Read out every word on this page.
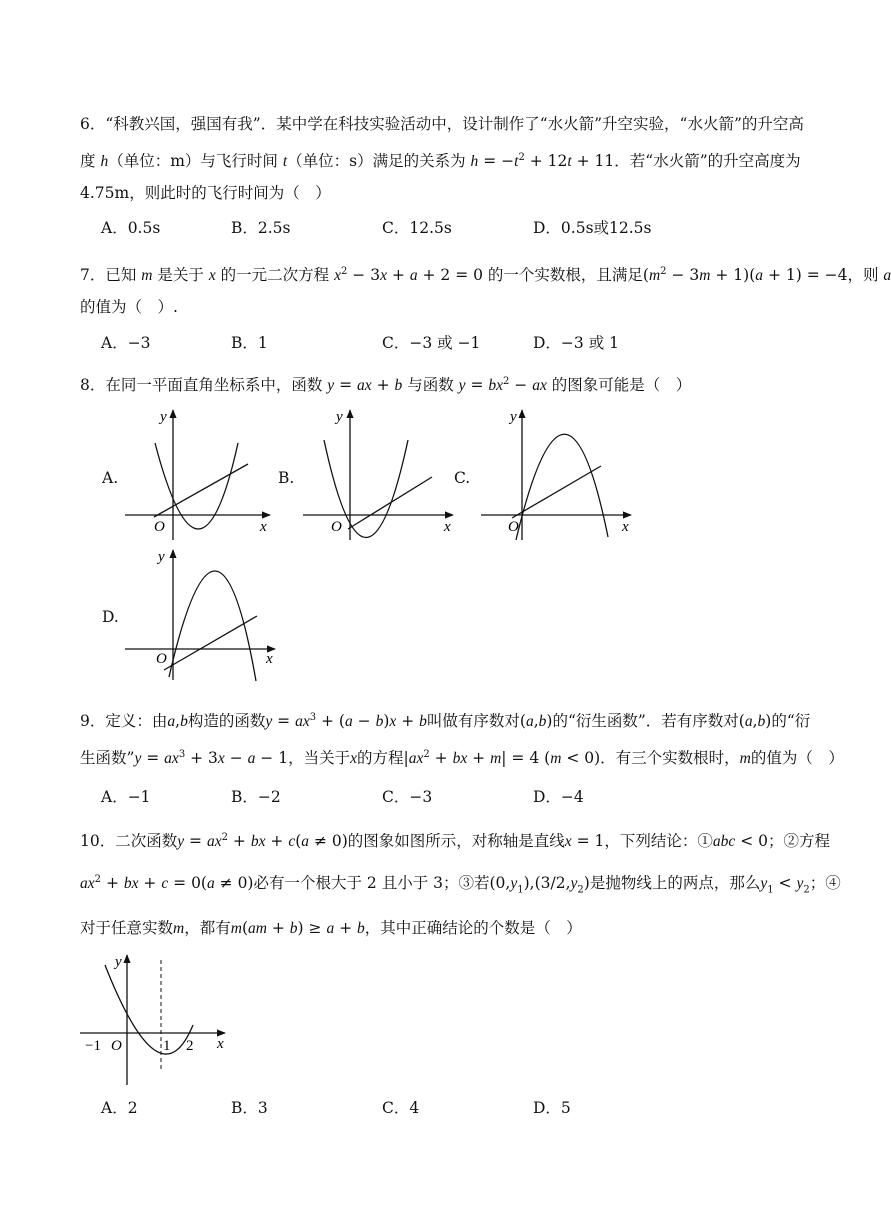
6．“科教兴国，强国有我”．某中学在科技实验活动中，设计制作了“水火箭”升空实验，“水火箭”的升空高
度 h（单位：m）与飞行时间 t（单位：s）满足的关系为 $h = -t^2 + 12t + 11$．若“水火箭”的升空高度为
4.75m，则此时的飞行时间为（　）
A．0.5s	B．2.5s	C．12.5s	D．0.5s或12.5s
7．已知 m 是关于 x 的一元二次方程 $x^2 - 3x + a + 2 = 0$ 的一个实数根，且满足$(m^2 - 3m + 1)(a + 1) = -4$，则 a
的值为（　）.
A．−3	B．1	C．−3 或 −1	D．−3 或 1
8．在同一平面直角坐标系中，函数 y = ax + b 与函数 $y = bx^2$ − ax 的图象可能是（　）
A.	B.	C.
D.
x
y
O	x
y
O	x
y
O
x
y
O
9．定义：由a,b构造的函数$y = ax^3 + (a - b)x + b$叫做有序数对(a,b)的“衍生函数”．若有序数对(a,b)的“衍
生函数”y = $ax^3 + 3x - a - 1$，当关于x的方程$|ax^2$ + bx + m| = 4 (m < 0)．有三个实数根时，m的值为（　）
A．−1	B．−2	C．−3	D．−4
10．二次函数$y = ax^2$ + bx + c(a ≠ 0)的图象如图所示，对称轴是直线x = 1，下列结论：①abc < 0；②方程
$ax^2$ + bx + c = 0(a ≠ 0)必有一个根大于 2 且小于 3；③若$(0,y_1),(3/2,y_2)$是抛物线上的两点，那么$y_1 < y_2$；④
对于任意实数m，都有m(am + b) ≥ a + b，其中正确结论的个数是（　）
x
y
O
−1	1 2
A．2	B．3	C．4	D．5
